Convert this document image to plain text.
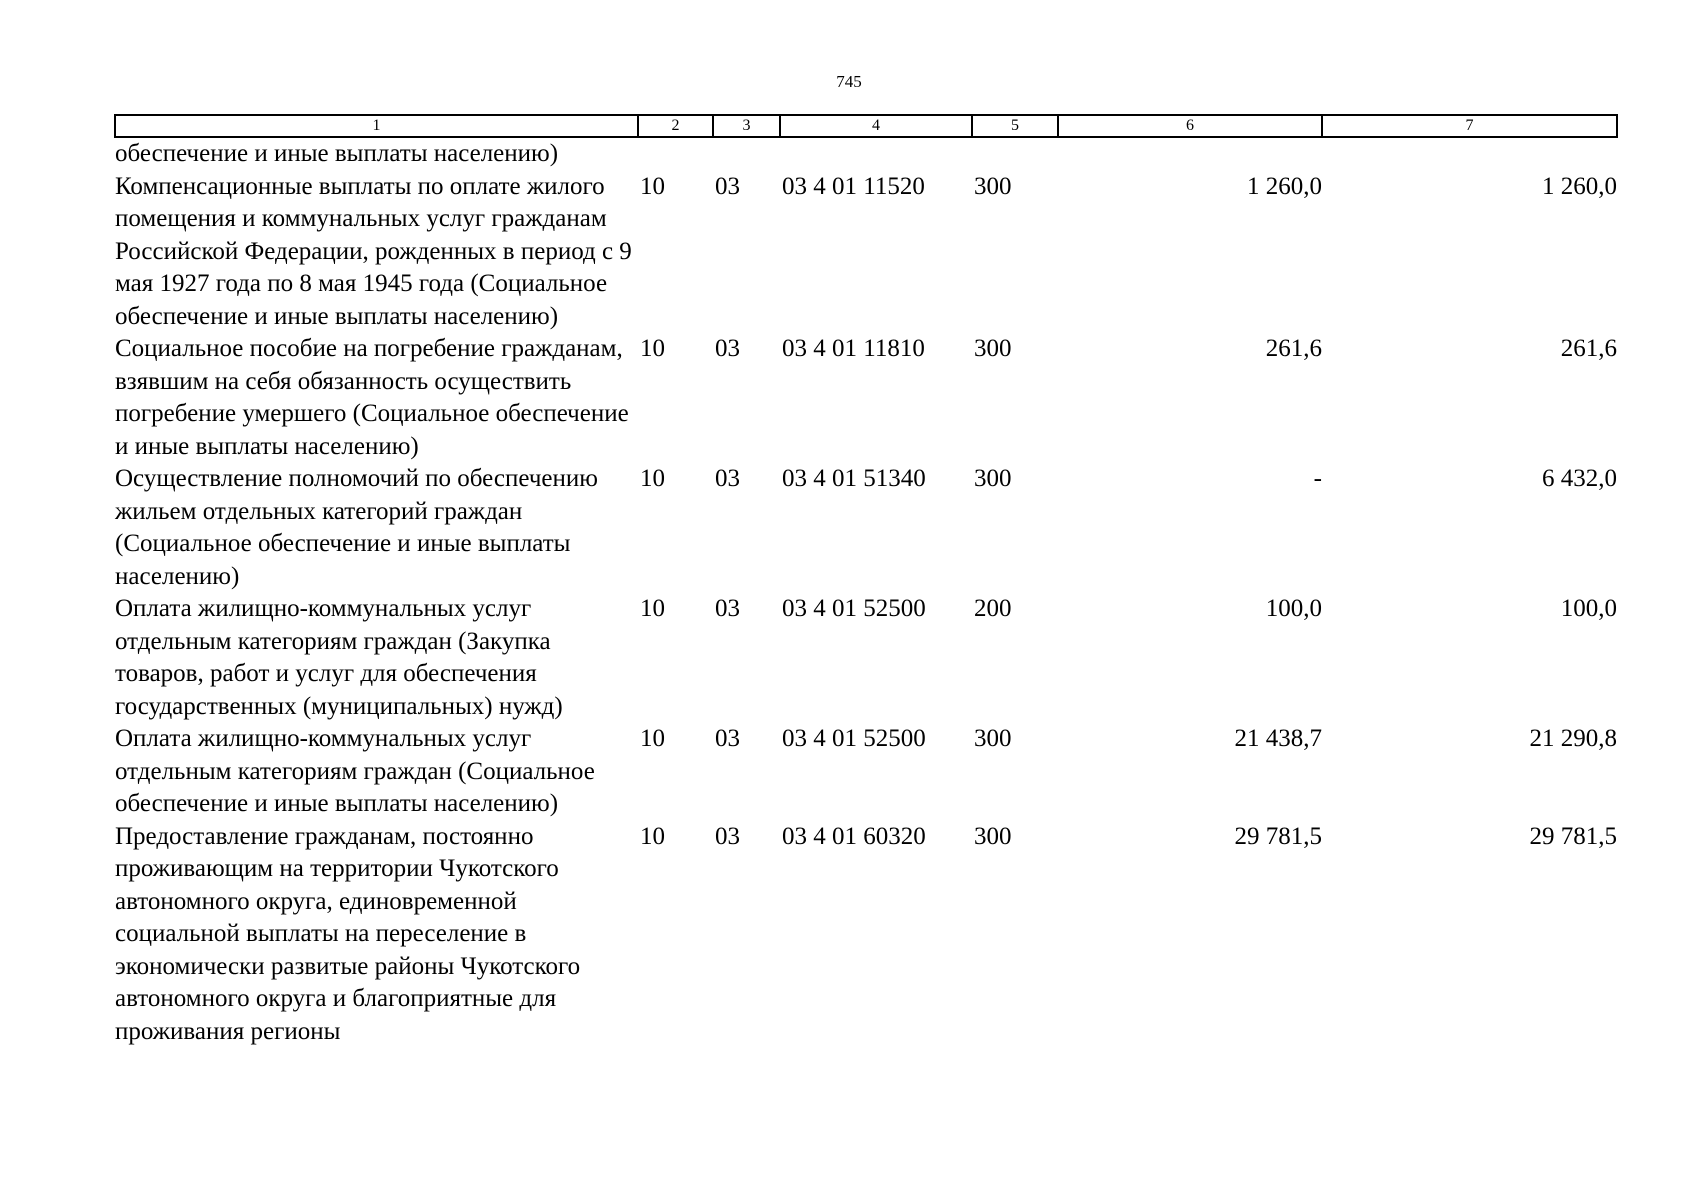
745
1	2	3	4	5	6	7
обеспечение и иные выплаты населению)						
Компенсационные выплаты по оплате жилого помещения и коммунальных услуг гражданам Российской Федерации, рожденных в период с 9 мая 1927 года по 8 мая 1945 года (Социальное обеспечение и иные выплаты населению)	10	03	03 4 01 11520	300	1 260,0	1 260,0
Социальное пособие на погребение гражданам, взявшим на себя обязанность осуществить погребение умершего (Социальное обеспечение и иные выплаты населению)	10	03	03 4 01 11810	300	261,6	261,6
Осуществление полномочий по обеспечению жильем отдельных категорий граждан (Социальное обеспечение и иные выплаты населению)	10	03	03 4 01 51340	300	-	6 432,0
Оплата жилищно-коммунальных услуг отдельным категориям граждан (Закупка товаров, работ и услуг для обеспечения государственных (муниципальных) нужд)	10	03	03 4 01 52500	200	100,0	100,0
Оплата жилищно-коммунальных услуг отдельным категориям граждан (Социальное обеспечение и иные выплаты населению)	10	03	03 4 01 52500	300	21 438,7	21 290,8
Предоставление гражданам, постоянно проживающим на территории Чукотского автономного округа, единовременной социальной выплаты на переселение в экономически развитые районы Чукотского автономного округа и благоприятные для проживания регионы	10	03	03 4 01 60320	300	29 781,5	29 781,5
